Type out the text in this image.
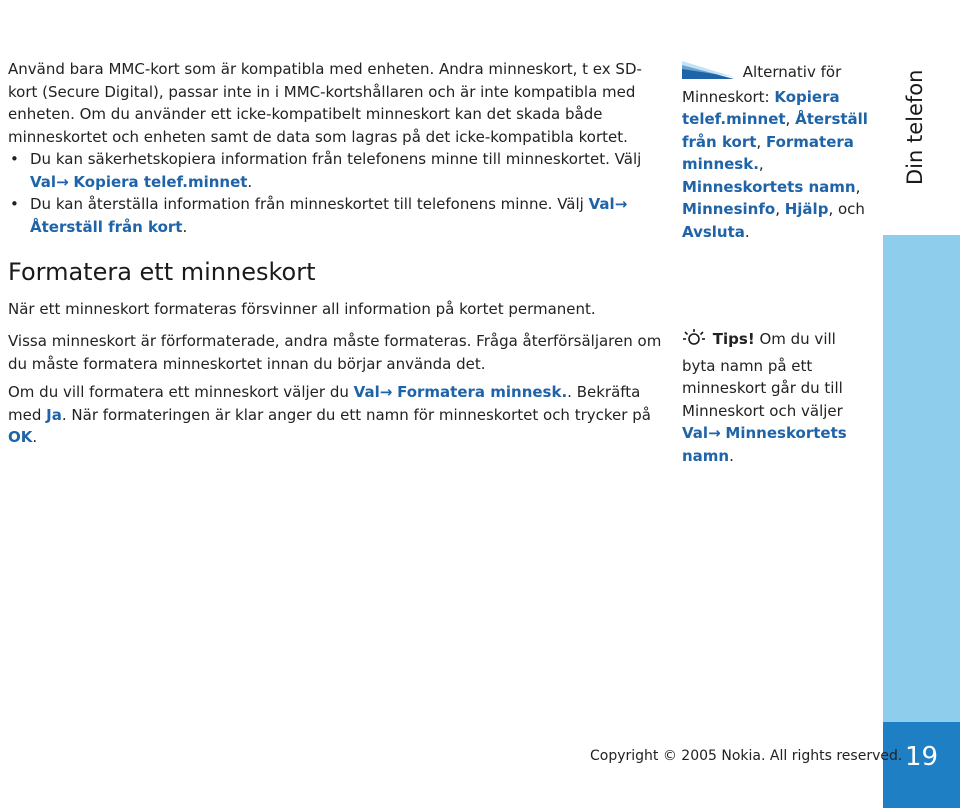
Använd bara MMC-kort som är kompatibla med enheten. Andra minneskort, t ex SD-kort (Secure Digital), passar inte in i MMC-kortshållaren och är inte kompatibla med enheten. Om du använder ett icke-kompatibelt minneskort kan det skada både minneskortet och enheten samt de data som lagras på det icke-kompatibla kortet.

• Du kan säkerhetskopiera information från telefonens minne till minneskortet. Välj Val→ Kopiera telef.minnet.
• Du kan återställa information från minneskortet till telefonens minne. Välj Val→ Återställ från kort.
Formatera ett minneskort

När ett minneskort formateras försvinner all information på kortet permanent.

Vissa minneskort är förformaterade, andra måste formateras. Fråga återförsäljaren om du måste formatera minneskortet innan du börjar använda det.

Om du vill formatera ett minneskort väljer du Val→ Formatera minnesk.. Bekräfta med Ja. När formateringen är klar anger du ett namn för minneskortet och trycker på OK.

Alternativ för Minneskort: Kopiera telef.minnet, Återställ från kort, Formatera minnesk., Minneskortets namn, Minnesinfo, Hjälp, och Avsluta.
Tips! Om du vill byta namn på ett minneskort går du till Minneskort och väljer Val→ Minneskortets namn.
Din telefon
19
Copyright © 2005 Nokia. All rights reserved.
